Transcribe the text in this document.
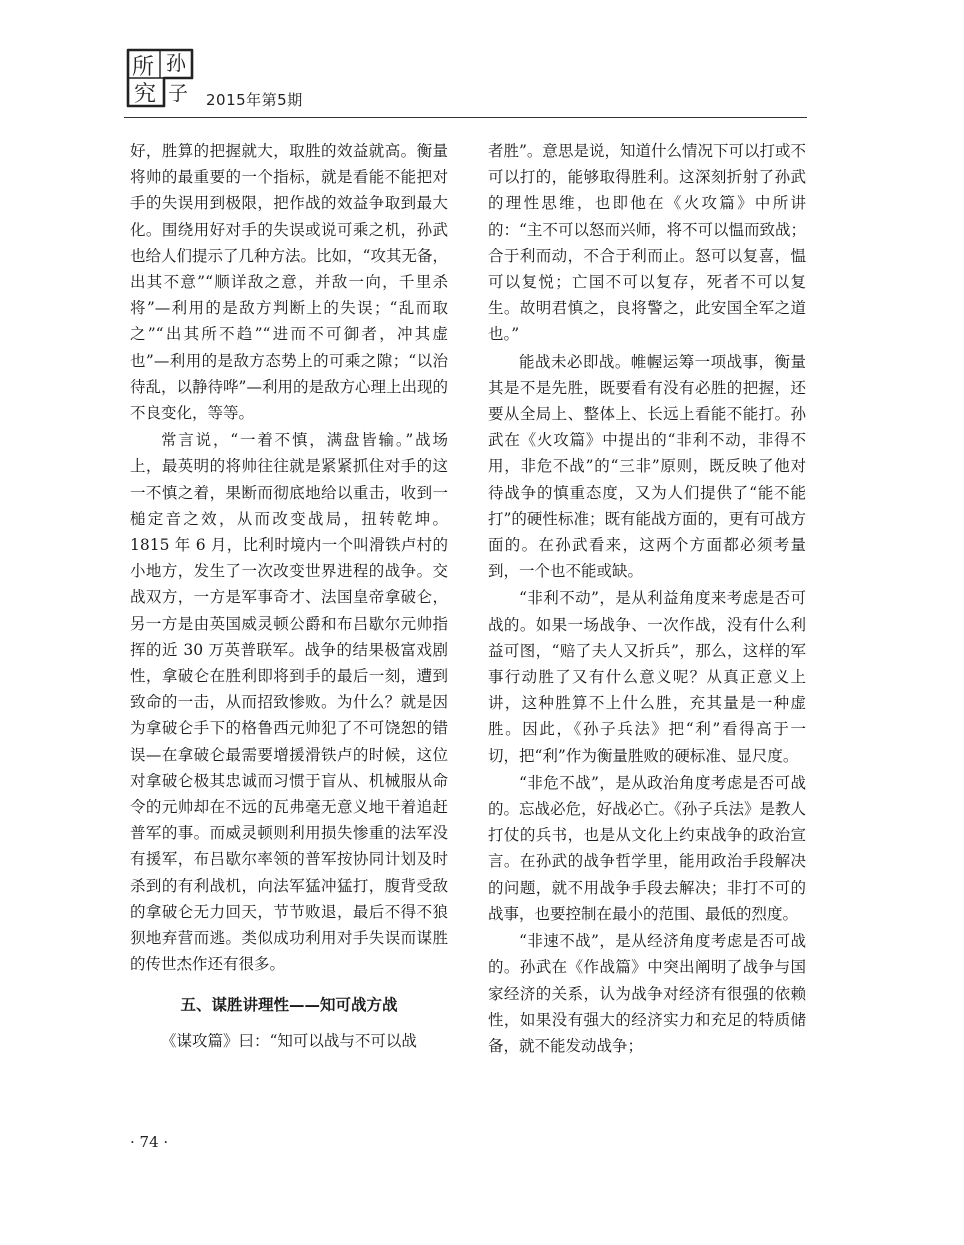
所
究
孙
子 2015年第5期

好，胜算的把握就大，取胜的效益就高。衡量将帅的最重要的一个指标，就是看能不能把对手的失误用到极限，把作战的效益争取到最大化。围绕用好对手的失误或说可乘之机，孙武也给人们提示了几种方法。比如，“攻其无备，出其不意”“顺详敌之意，并敌一向，千里杀将”—利用的是敌方判断上的失误；“乱而取之”“出其所不趋”“进而不可御者，冲其虚也”—利用的是敌方态势上的可乘之隙；“以治待乱，以静待哗”—利用的是敌方心理上出现的不良变化，等等。

常言说，“一着不慎，满盘皆输。”战场上，最英明的将帅往往就是紧紧抓住对手的这一不慎之着，果断而彻底地给以重击，收到一槌定音之效，从而改变战局，扭转乾坤。1815 年 6 月，比利时境内一个叫滑铁卢村的小地方，发生了一次改变世界进程的战争。交战双方，一方是军事奇才、法国皇帝拿破仑，另一方是由英国威灵顿公爵和布吕歇尔元帅指挥的近 30 万英普联军。战争的结果极富戏剧性，拿破仑在胜利即将到手的最后一刻，遭到致命的一击，从而招致惨败。为什么？就是因为拿破仑手下的格鲁西元帅犯了不可饶恕的错误—在拿破仑最需要增援滑铁卢的时候，这位对拿破仑极其忠诚而习惯于盲从、机械服从命令的元帅却在不远的瓦弗毫无意义地干着追赶普军的事。而威灵顿则利用损失惨重的法军没有援军，布吕歇尔率领的普军按协同计划及时杀到的有利战机，向法军猛冲猛打，腹背受敌的拿破仑无力回天，节节败退，最后不得不狼狈地弃营而逃。类似成功利用对手失误而谋胜的传世杰作还有很多。

五、谋胜讲理性——知可战方战

《谋攻篇》曰：“知可以战与不可以战

者胜”。意思是说，知道什么情况下可以打或不可以打的，能够取得胜利。这深刻折射了孙武的理性思维，也即他在《火攻篇》中所讲的：“主不可以怒而兴师，将不可以愠而致战；合于利而动，不合于利而止。怒可以复喜，愠可以复悦；亡国不可以复存，死者不可以复生。故明君慎之，良将警之，此安国全军之道也。”

能战未必即战。帷幄运筹一项战事，衡量其是不是先胜，既要看有没有必胜的把握，还要从全局上、整体上、长远上看能不能打。孙武在《火攻篇》中提出的“非利不动，非得不用，非危不战”的“三非”原则，既反映了他对待战争的慎重态度，又为人们提供了“能不能打”的硬性标准；既有能战方面的，更有可战方面的。在孙武看来，这两个方面都必须考量到，一个也不能或缺。

“非利不动”，是从利益角度来考虑是否可战的。如果一场战争、一次作战，没有什么利益可图，“赔了夫人又折兵”，那么，这样的军事行动胜了又有什么意义呢？从真正意义上讲，这种胜算不上什么胜，充其量是一种虚胜。因此，《孙子兵法》把“利”看得高于一切，把“利”作为衡量胜败的硬标准、显尺度。

“非危不战”，是从政治角度考虑是否可战的。忘战必危，好战必亡。《孙子兵法》是教人打仗的兵书，也是从文化上约束战争的政治宣言。在孙武的战争哲学里，能用政治手段解决的问题，就不用战争手段去解决；非打不可的战事，也要控制在最小的范围、最低的烈度。

“非速不战”，是从经济角度考虑是否可战的。孙武在《作战篇》中突出阐明了战争与国家经济的关系，认为战争对经济有很强的依赖性，如果没有强大的经济实力和充足的特质储备，就不能发动战争；

· 74 ·
